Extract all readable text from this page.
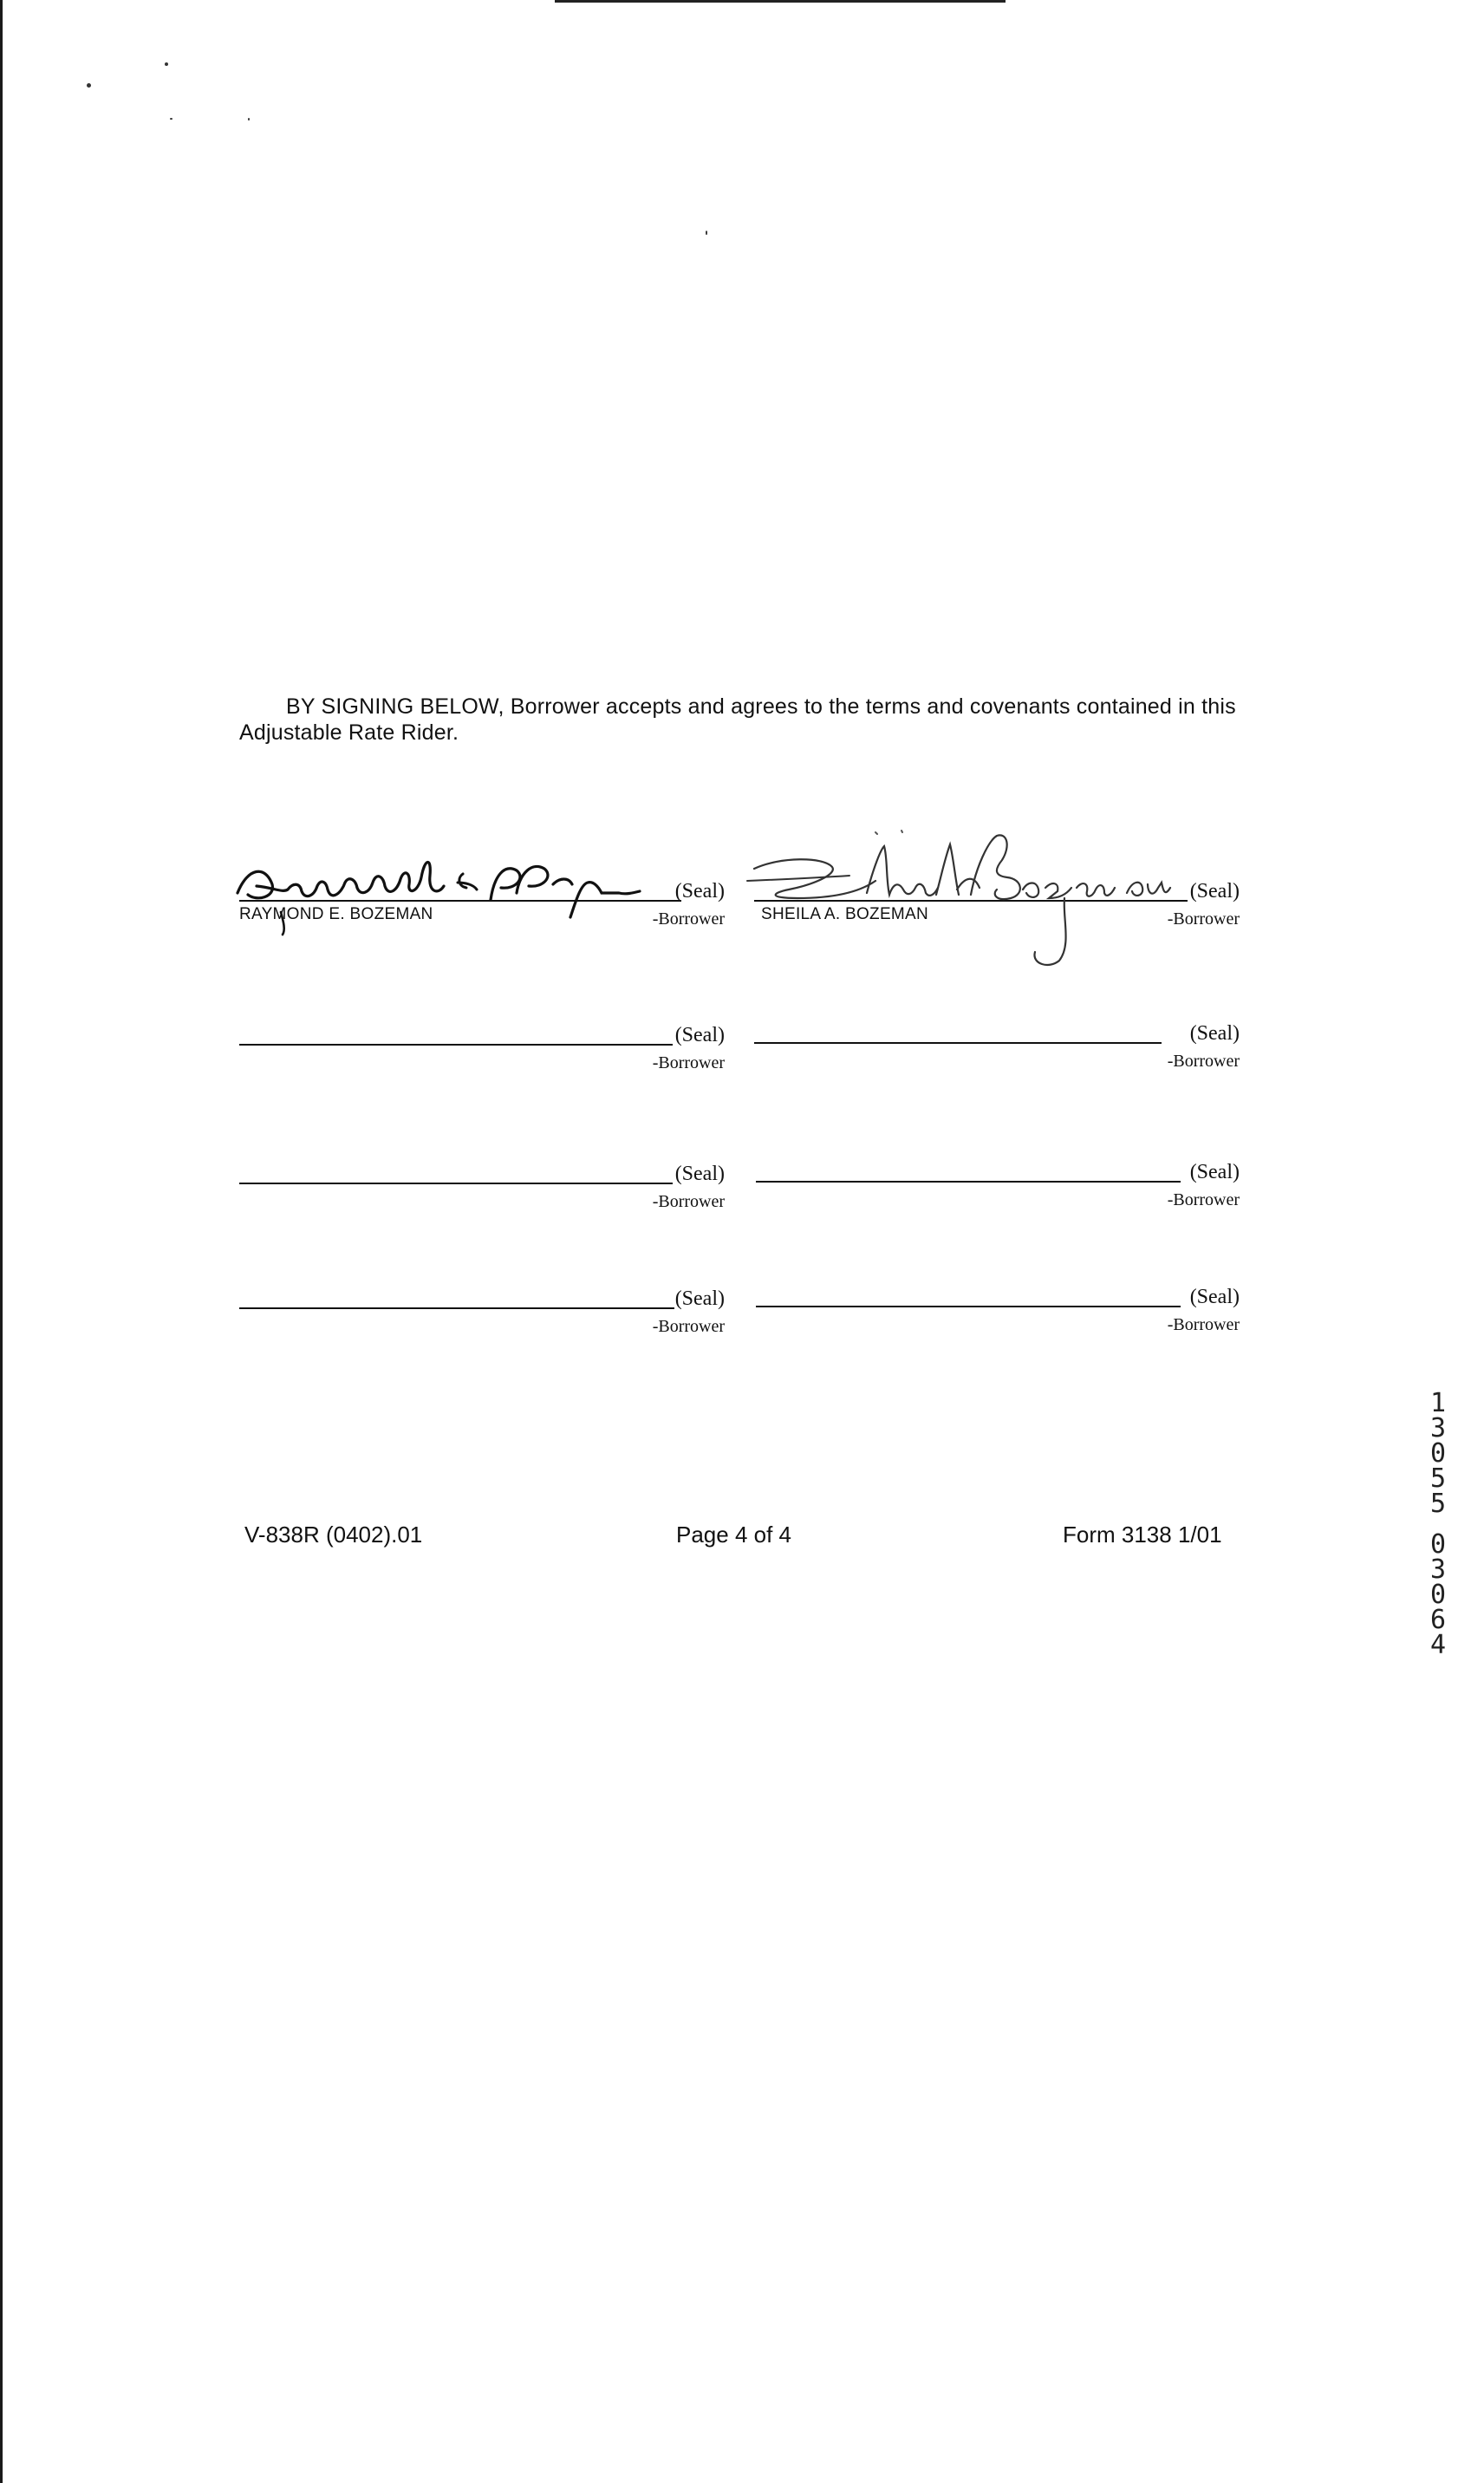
BY SIGNING BELOW, Borrower accepts and agrees to the terms and covenants contained in this Adjustable Rate Rider.
(Seal)
RAYMOND E. BOZEMAN	-Borrower
(Seal)
SHEILA A. BOZEMAN	-Borrower
(Seal)
-Borrower
(Seal)
-Borrower
(Seal)
-Borrower
(Seal)
-Borrower
(Seal)
-Borrower
(Seal)
-Borrower
V-838R (0402).01	Page 4 of 4	Form 3138 1/01
1
3
0
5
5
0
3
0
6
4
